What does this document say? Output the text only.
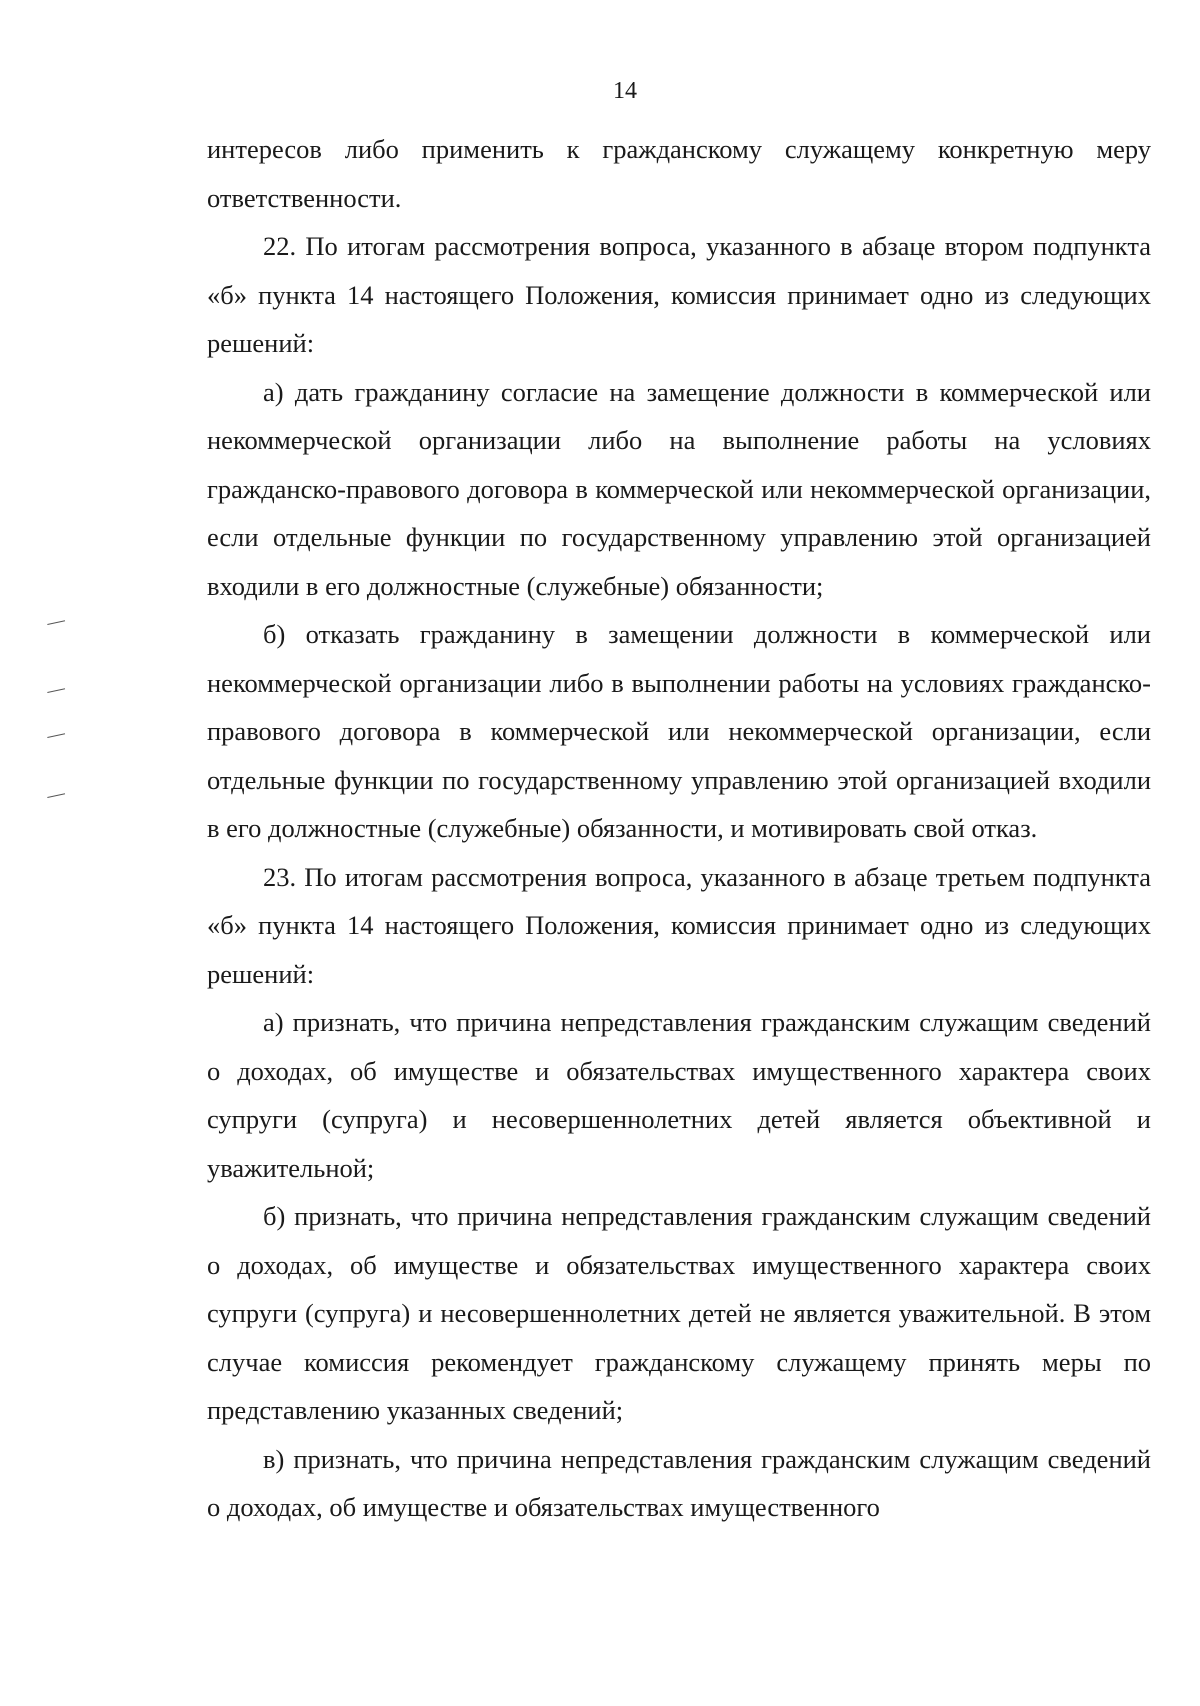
14

интересов либо применить к гражданскому служащему конкретную меру ответственности.

22. По итогам рассмотрения вопроса, указанного в абзаце втором подпункта «б» пункта 14 настоящего Положения, комиссия принимает одно из следующих решений:

а) дать гражданину согласие на замещение должности в коммерческой или некоммерческой организации либо на выполнение работы на условиях гражданско-правового договора в коммерческой или некоммерческой организации, если отдельные функции по государственному управлению этой организацией входили в его должностные (служебные) обязанности;

б) отказать гражданину в замещении должности в коммерческой или некоммерческой организации либо в выполнении работы на условиях гражданско-правового договора в коммерческой или некоммерческой организации, если отдельные функции по государственному управлению этой организацией входили в его должностные (служебные) обязанности, и мотивировать свой отказ.

23. По итогам рассмотрения вопроса, указанного в абзаце третьем подпункта «б» пункта 14 настоящего Положения, комиссия принимает одно из следующих решений:

а) признать, что причина непредставления гражданским служащим сведений о доходах, об имуществе и обязательствах имущественного характера своих супруги (супруга) и несовершеннолетних детей является объективной и уважительной;

б) признать, что причина непредставления гражданским служащим сведений о доходах, об имуществе и обязательствах имущественного характера своих супруги (супруга) и несовершеннолетних детей не является уважительной. В этом случае комиссия рекомендует гражданскому служащему принять меры по представлению указанных сведений;

в) признать, что причина непредставления гражданским служащим сведений о доходах, об имуществе и обязательствах имущественного
